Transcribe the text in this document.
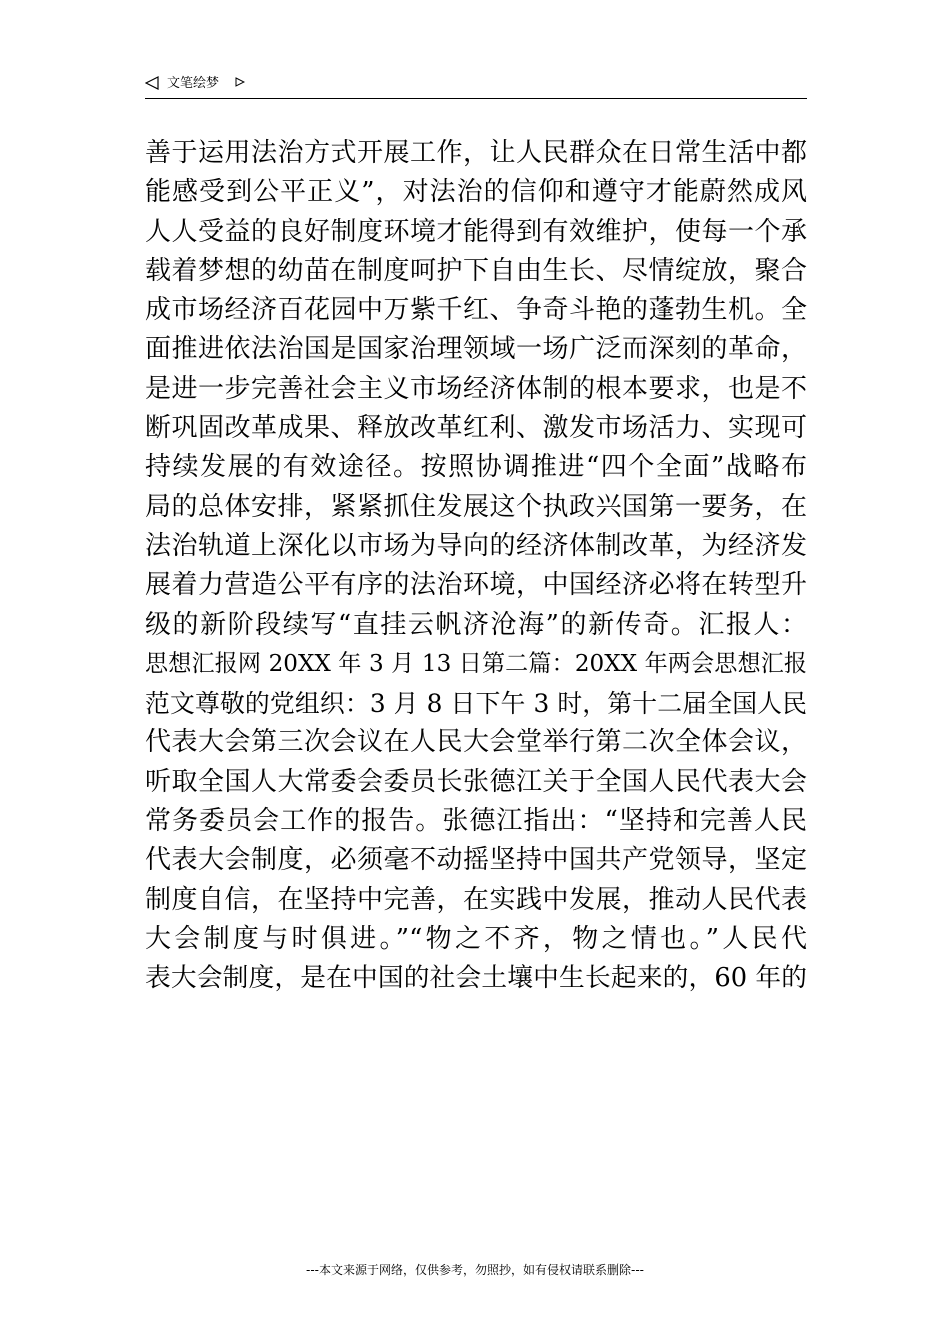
文笔绘梦
善于运用法治方式开展工作，让人民群众在日常生活中都
能感受到公平正义”，对法治的信仰和遵守才能蔚然成风
人人受益的良好制度环境才能得到有效维护，使每一个承
载着梦想的幼苗在制度呵护下自由生长、尽情绽放，聚合
成市场经济百花园中万紫千红、争奇斗艳的蓬勃生机。全
面推进依法治国是国家治理领域一场广泛而深刻的革命，
是进一步完善社会主义市场经济体制的根本要求，也是不
断巩固改革成果、释放改革红利、激发市场活力、实现可
持续发展的有效途径。按照协调推进“四个全面”战略布
局的总体安排，紧紧抓住发展这个执政兴国第一要务，在
法治轨道上深化以市场为导向的经济体制改革，为经济发
展着力营造公平有序的法治环境，中国经济必将在转型升
级的新阶段续写“直挂云帆济沧海”的新传奇。汇报人：
思想汇报网 20XX 年 3 月 13 日第二篇：20XX 年两会思想汇报
范文尊敬的党组织：3 月 8 日下午 3 时，第十二届全国人民
代表大会第三次会议在人民大会堂举行第二次全体会议，
听取全国人大常委会委员长张德江关于全国人民代表大会
常务委员会工作的报告。张德江指出：“坚持和完善人民
代表大会制度，必须毫不动摇坚持中国共产党领导，坚定
制度自信，在坚持中完善，在实践中发展，推动人民代表
大会制度与时俱进。”“物之不齐，物之情也。”人民代
表大会制度，是在中国的社会土壤中生长起来的，60 年的
---本文来源于网络，仅供参考，勿照抄，如有侵权请联系删除---
